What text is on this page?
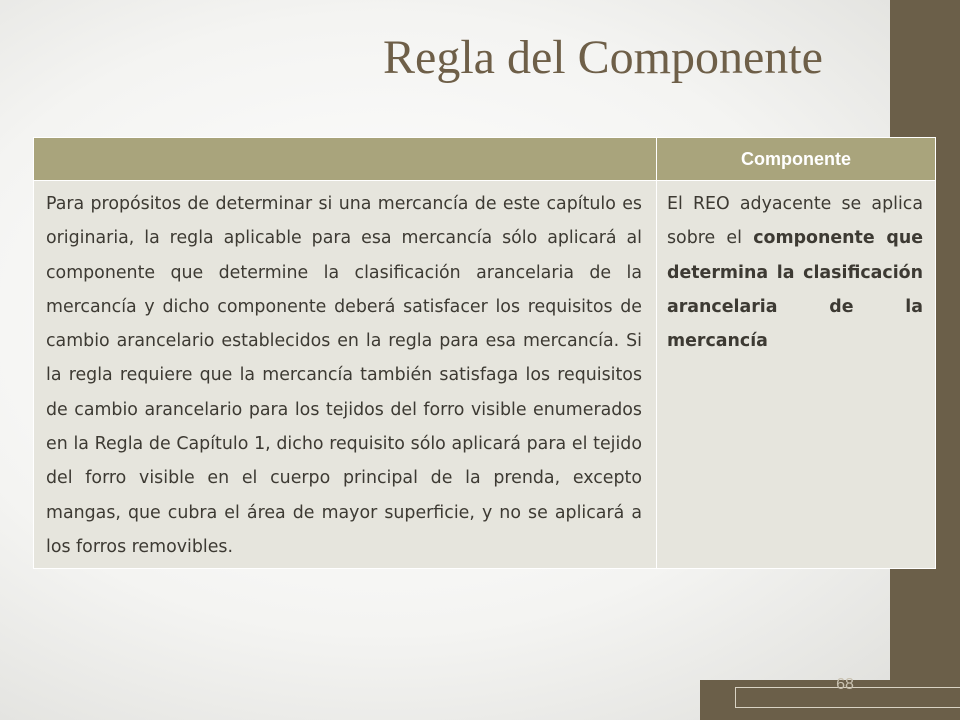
68
Regla del Componente
	Componente
Para propósitos de determinar si una mercancía de este capítulo es originaria, la regla aplicable para esa mercancía sólo aplicará al componente que determine la clasificación arancelaria de la mercancía y dicho componente deberá satisfacer los requisitos de cambio arancelario establecidos en la regla para esa mercancía. Si la regla requiere que la mercancía también satisfaga los requisitos de cambio arancelario para los tejidos del forro visible enumerados en la Regla de Capítulo 1, dicho requisito sólo aplicará para el tejido del forro visible en el cuerpo principal de la prenda, excepto mangas, que cubra el área de mayor superficie, y no se aplicará a los forros removibles.	El REO adyacente se aplica sobre el componente que determina la clasificación arancelaria de la mercancía
